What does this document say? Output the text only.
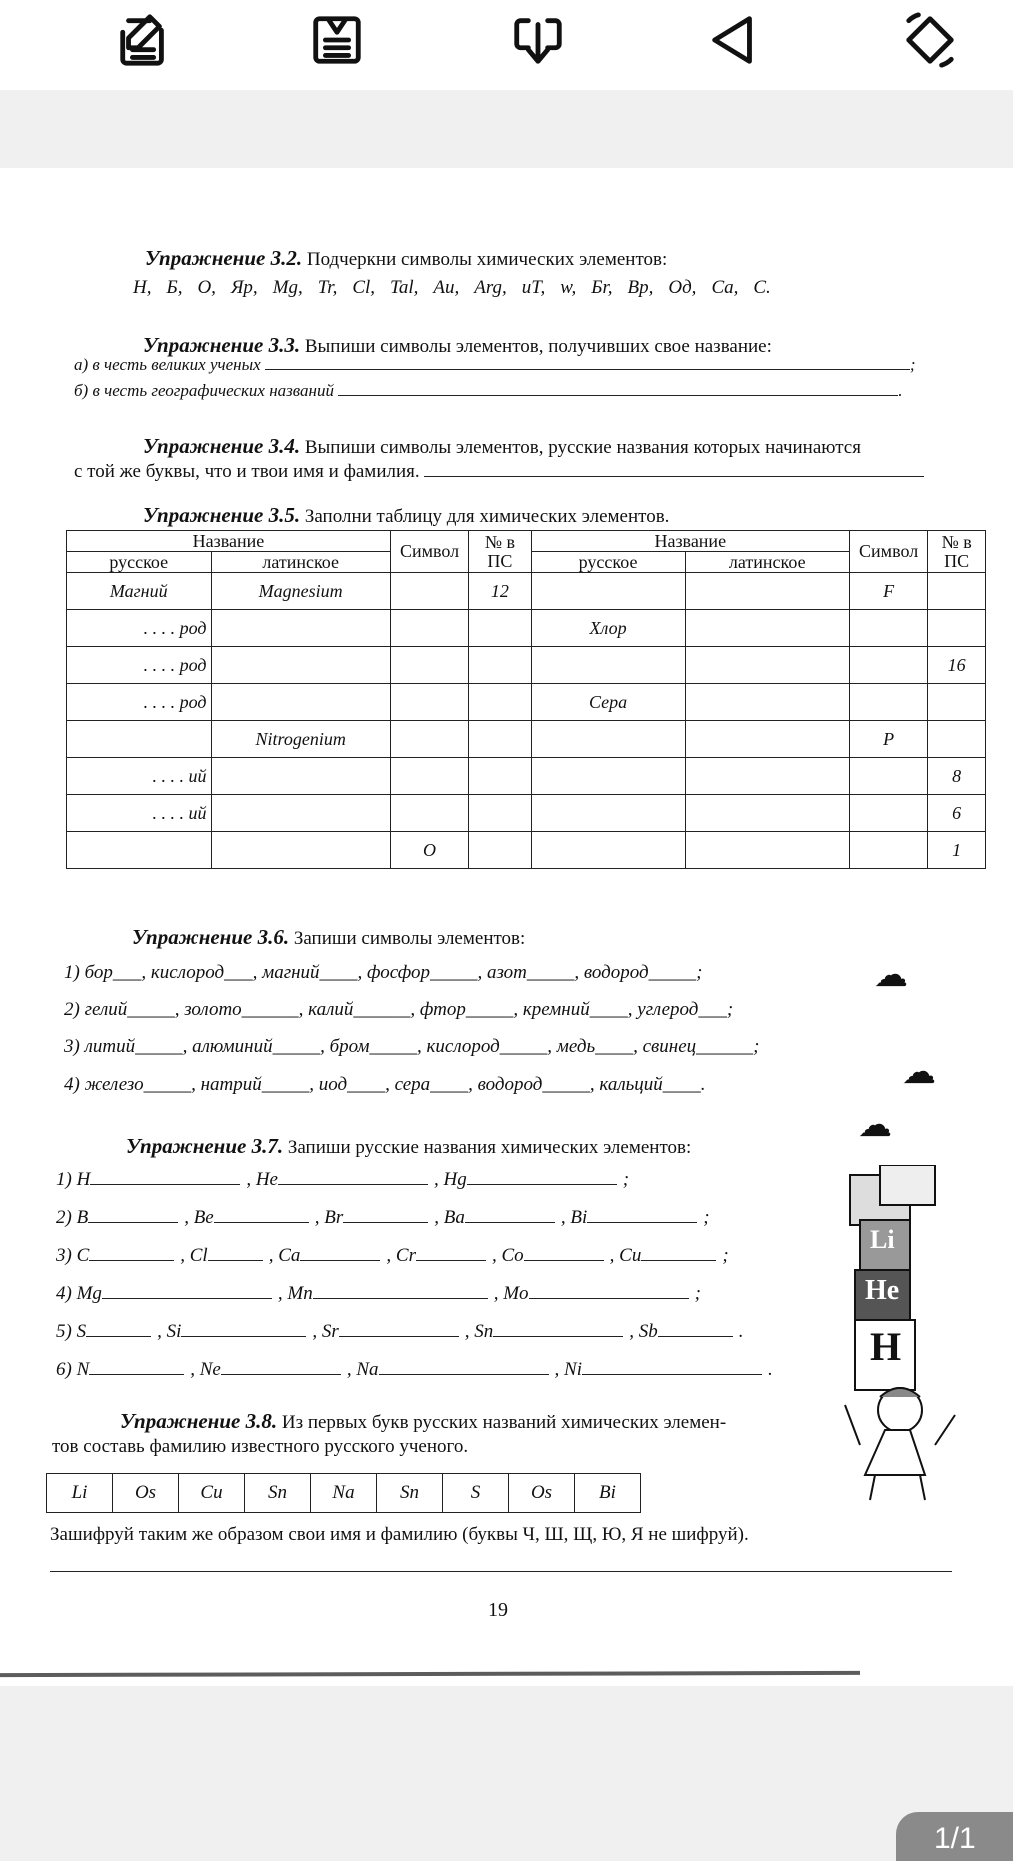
Упражнение 3.2. Подчеркни символы химических элементов:
Н, Б, О, Яр, Mg, Tr, Cl, Tal, Au, Arg, uT, w, Бr, Bp, Од, Ca, С.
Упражнение 3.3. Выпиши символы элементов, получивших свое название:
а) в честь великих ученых	;
б) в честь географических названий	.
Упражнение 3.4. Выпиши символы элементов, русские названия которых начинаются
с той же буквы, что и твои имя и фамилия.
Упражнение 3.5. Заполни таблицу для химических элементов.
Название		Символ	№ в ПС	Название		Символ	№ в ПС
русское	латинское			русское	латинское		
Магний	Magnesium		12			F	
. . . . род				Хлор			
. . . . род							16
. . . . род				Сера			
	Nitrogenium					P	
. . . . ий							8
. . . . ий							6
		O					1
Упражнение 3.6. Запиши символы элементов:
1) бор___, кислород___, магний____, фосфор_____, азот_____, водород_____;
2) гелий_____, золото______, калий______, фтор_____, кремний____, углерод___;
3) литий_____, алюминий_____, бром_____, кислород_____, медь____, свинец______;
4) железо_____, натрий_____, иод____, сера____, водород_____, кальций____.
☁
☁
☁
Упражнение 3.7. Запиши русские названия химических элементов:
1) H	, He	, Hg	;
2) B	, Be	, Br	, Ba	, Bi	;
3) C	, Cl	, Ca	, Cr	, Co	, Cu	;
4) Mg	, Mn	, Mo	;
5) S	, Si	, Sr	, Sn	, Sb	.
6) N	, Ne	, Na	, Ni	.
Li
He
H
Упражнение 3.8. Из первых букв русских названий химических элемен-
тов составь фамилию известного русского ученого.
Li	Os	Cu	Sn	Na	Sn	S	Os	Bi
Зашифруй таким же образом свои имя и фамилию (буквы Ч, Ш, Щ, Ю, Я не шифруй).
19
1/1
